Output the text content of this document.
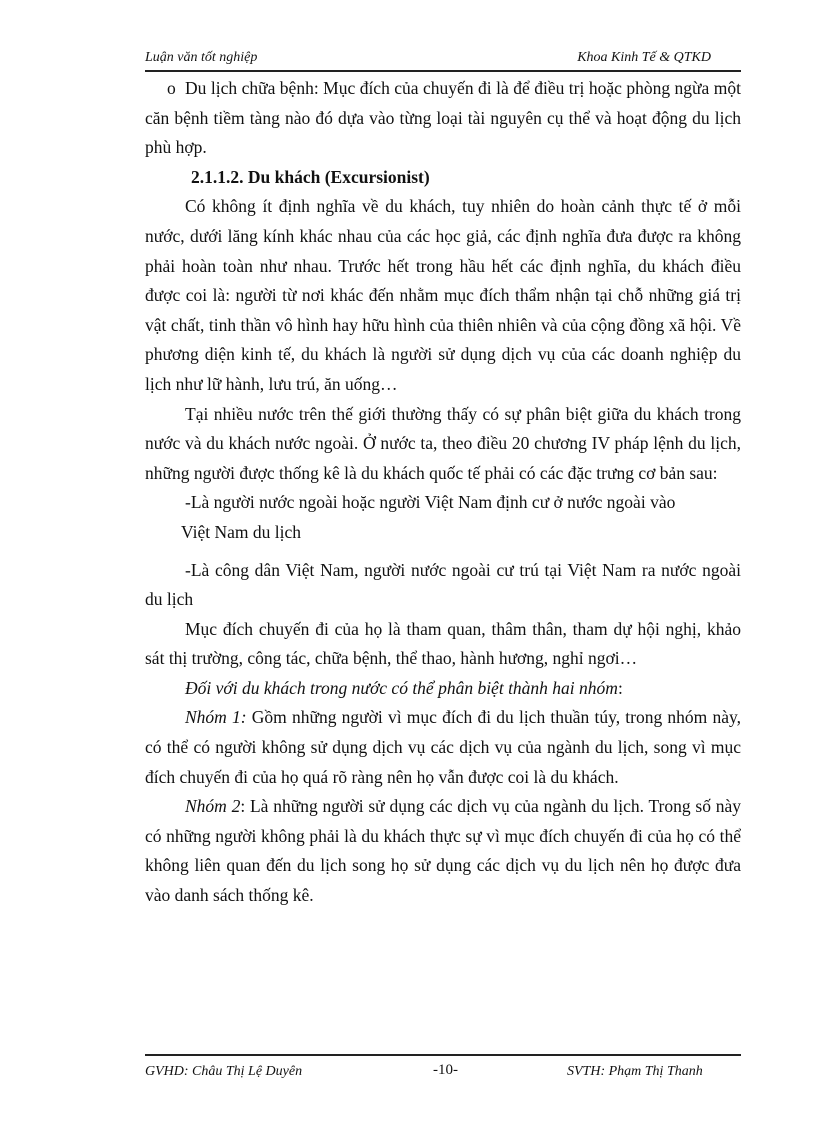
Luận văn tốt nghiệp	Khoa Kinh Tế & QTKD

o Du lịch chữa bệnh: Mục đích của chuyến đi là để điều trị hoặc phòng ngừa một căn bệnh tiềm tàng nào đó dựa vào từng loại tài nguyên cụ thể và hoạt động du lịch phù hợp.

2.1.1.2. Du khách (Excursionist)

Có không ít định nghĩa về du khách, tuy nhiên do hoàn cảnh thực tế ở mỗi nước, dưới lăng kính khác nhau của các học giả, các định nghĩa đưa được ra không phải hoàn toàn như nhau. Trước hết trong hầu hết các định nghĩa, du khách điều được coi là: người từ nơi khác đến nhằm mục đích thẩm nhận tại chỗ những giá trị vật chất, tinh thần vô hình hay hữu hình của thiên nhiên và của cộng đồng xã hội. Về phương diện kinh tế, du khách là người sử dụng dịch vụ của các doanh nghiệp du lịch như lữ hành, lưu trú, ăn uống…

Tại nhiều nước trên thế giới thường thấy có sự phân biệt giữa du khách trong nước và du khách nước ngoài. Ở nước ta, theo điều 20 chương IV pháp lệnh du lịch, những người được thống kê là du khách quốc tế phải có các đặc trưng cơ bản sau:

-Là người nước ngoài hoặc người Việt Nam định cư ở nước ngoài vào

Việt Nam du lịch

-Là công dân Việt Nam, người nước ngoài cư trú tại Việt Nam ra nước ngoài du lịch

Mục đích chuyến đi của họ là tham quan, thâm thân, tham dự hội nghị, khảo sát thị trường, công tác, chữa bệnh, thể thao, hành hương, nghỉ ngơi…

Đối với du khách trong nước có thể phân biệt thành hai nhóm:

Nhóm 1: Gồm những người vì mục đích đi du lịch thuần túy, trong nhóm này, có thể có người không sử dụng dịch vụ các dịch vụ của ngành du lịch, song vì mục đích chuyến đi của họ quá rõ ràng nên họ vẫn được coi là du khách.

Nhóm 2: Là những người sử dụng các dịch vụ của ngành du lịch. Trong số này có những người không phải là du khách thực sự vì mục đích chuyến đi của họ có thể không liên quan đến du lịch song họ sử dụng các dịch vụ du lịch nên họ được đưa vào danh sách thống kê.

GVHD: Châu Thị Lệ Duyên	-10-	SVTH: Phạm Thị Thanh
